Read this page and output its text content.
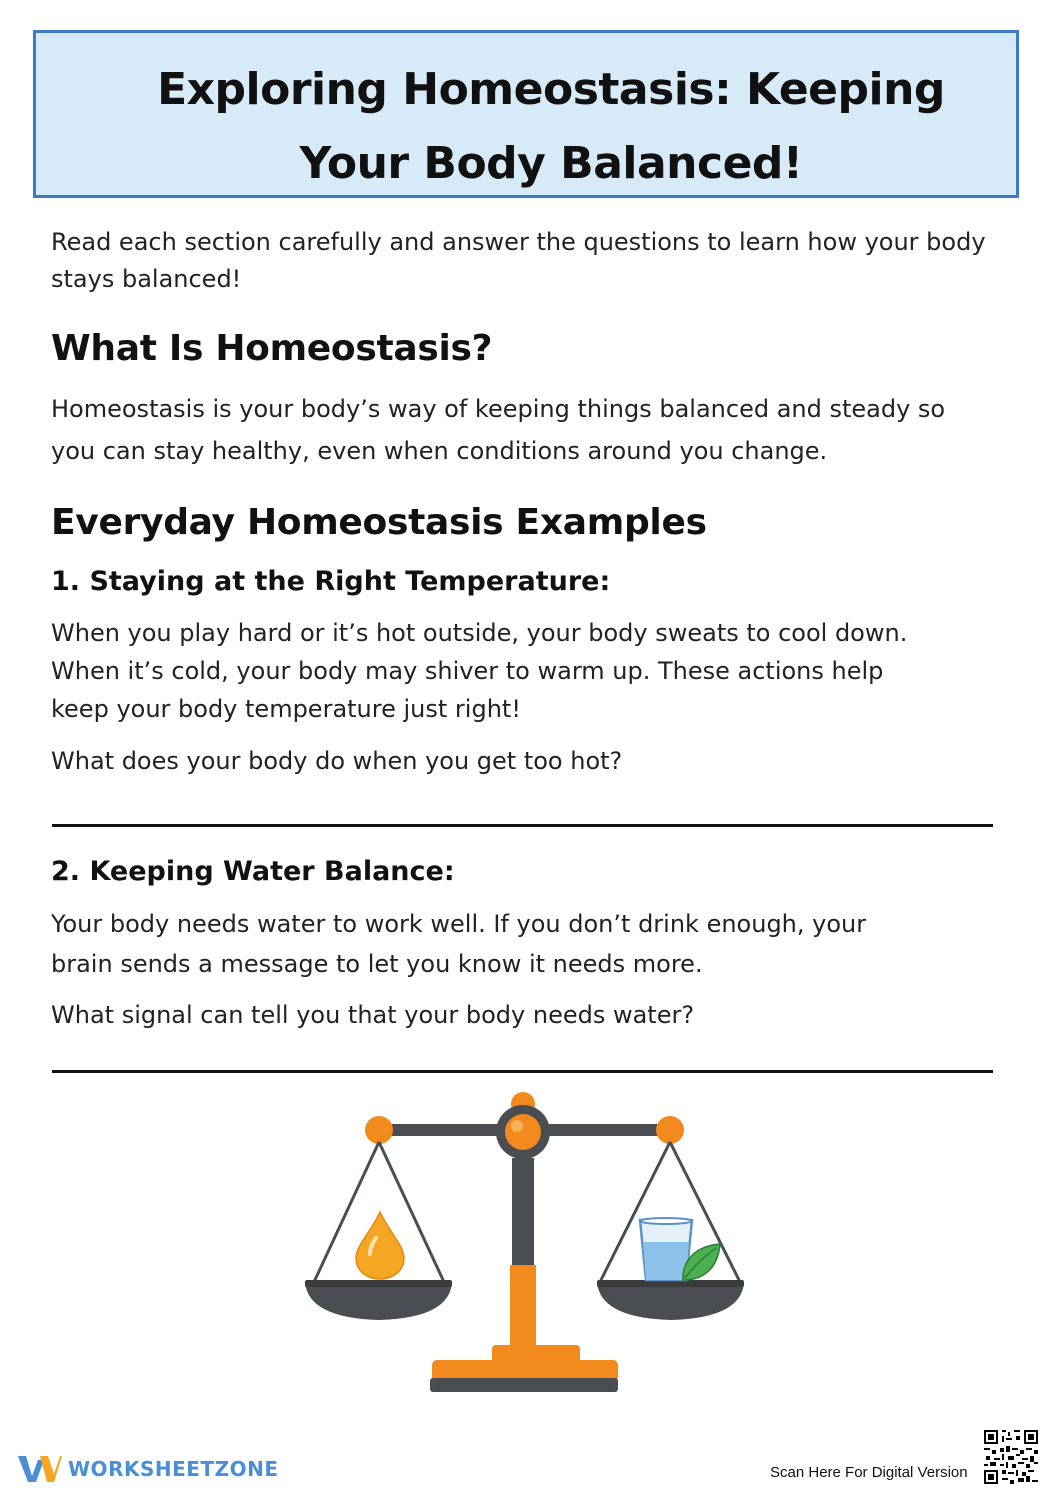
Exploring Homeostasis: Keeping Your Body Balanced!

Read each section carefully and answer the questions to learn how your body stays balanced!

What Is Homeostasis?

Homeostasis is your body’s way of keeping things balanced and steady so you can stay healthy, even when conditions around you change.

Everyday Homeostasis Examples
1. Staying at the Right Temperature:

When you play hard or it’s hot outside, your body sweats to cool down. When it’s cold, your body may shiver to warm up. These actions help keep your body temperature just right!

What does your body do when you get too hot?

2. Keeping Water Balance:

Your body needs water to work well. If you don’t drink enough, your brain sends a message to let you know it needs more.

What signal can tell you that your body needs water?

WORKSHEETZONE	Scan Here For Digital Version
